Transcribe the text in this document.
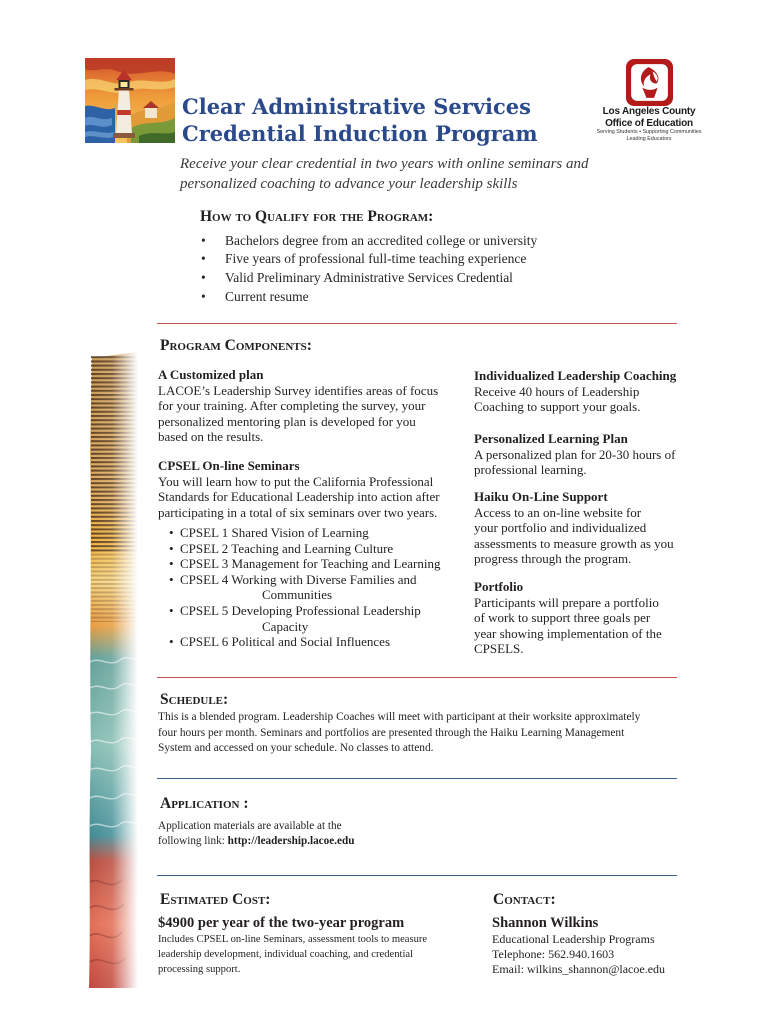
Clear Administrative Services
Credential Induction Program
Los Angeles County
Office of Education
Serving Students • Supporting Communities
Leading Educators
Receive your clear credential in two years with online seminars and
personalized coaching to advance your leadership skills
How to Qualify for the Program:
• Bachelors degree from an accredited college or university
• Five years of professional full-time teaching experience
• Valid Preliminary Administrative Services Credential
• Current resume
Program Components:
A Customized plan
LACOE’s Leadership Survey identifies areas of focus
for your training. After completing the survey, your
personalized mentoring plan is developed for you
based on the results.
CPSEL On-line Seminars
You will learn how to put the California Professional
Standards for Educational Leadership into action after
participating in a total of six seminars over two years.
• CPSEL 1 Shared Vision of Learning
• CPSEL 2 Teaching and Learning Culture
• CPSEL 3 Management for Teaching and Learning
• CPSEL 4 Working with Diverse Families and
Communities
• CPSEL 5 Developing Professional Leadership
Capacity
• CPSEL 6 Political and Social Influences
Individualized Leadership Coaching
Receive 40 hours of Leadership
Coaching to support your goals.
Personalized Learning Plan
A personalized plan for 20-30 hours of
professional learning.
Haiku On-Line Support
Access to an on-line website for
your portfolio and individualized
assessments to measure growth as you
progress through the program.
Portfolio
Participants will prepare a portfolio
of work to support three goals per
year showing implementation of the
CPSELS.
Schedule:
This is a blended program. Leadership Coaches will meet with participant at their worksite approximately
four hours per month. Seminars and portfolios are presented through the Haiku Learning Management
System and accessed on your schedule. No classes to attend.
Application :
Application materials are available at the
following link: http://leadership.lacoe.edu
Estimated Cost:
$4900 per year of the two-year program
Includes CPSEL on-line Seminars, assessment tools to measure
leadership development, individual coaching, and credential
processing support.
Contact:
Shannon Wilkins
Educational Leadership Programs
Telephone: 562.940.1603
Email: wilkins_shannon@lacoe.edu
